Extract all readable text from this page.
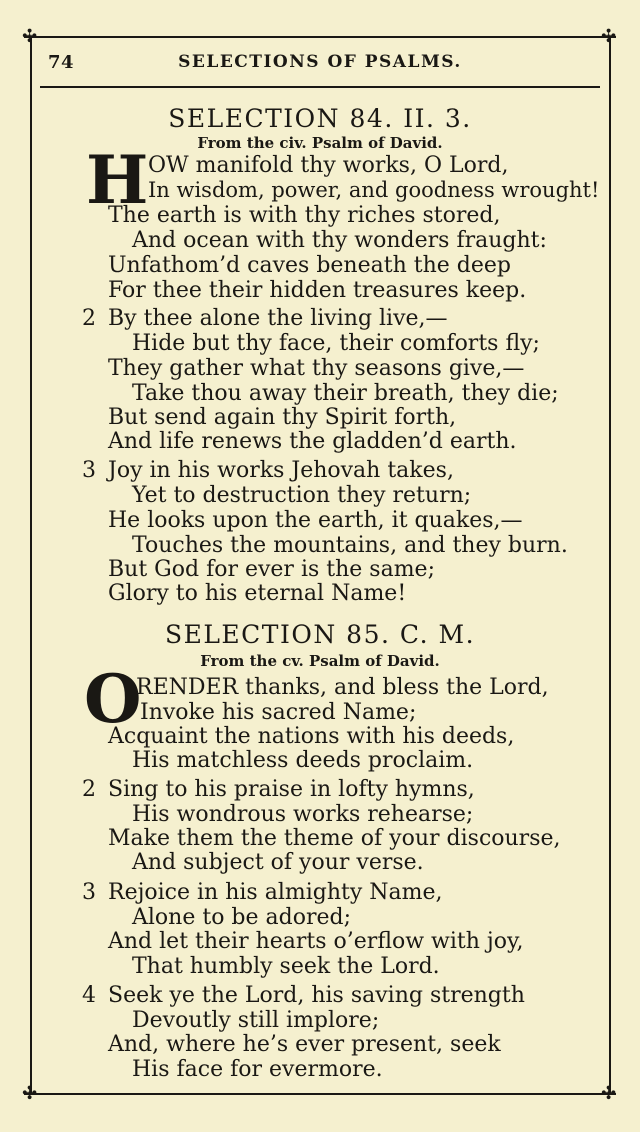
✣	✣
✣	✣
74	SELECTIONS OF PSALMS.
SELECTION 84. II. 3.
From the civ. Psalm of David.
H OW manifold thy works, O Lord,
In wisdom, power, and goodness wrought!
The earth is with thy riches stored,
And ocean with thy wonders fraught:
Unfathom’d caves beneath the deep
For thee their hidden treasures keep.
2 By thee alone the living live,—
Hide but thy face, their comforts fly;
They gather what thy seasons give,—
Take thou away their breath, they die;
But send again thy Spirit forth,
And life renews the gladden’d earth.
3 Joy in his works Jehovah takes,
Yet to destruction they return;
He looks upon the earth, it quakes,—
Touches the mountains, and they burn.
But God for ever is the same;
Glory to his eternal Name!
SELECTION 85. C. M.
From the cv. Psalm of David.
O
RENDER thanks, and bless the Lord,
Invoke his sacred Name;
Acquaint the nations with his deeds,
His matchless deeds proclaim.
2 Sing to his praise in lofty hymns,
His wondrous works rehearse;
Make them the theme of your discourse,
And subject of your verse.
3 Rejoice in his almighty Name,
Alone to be adored;
And let their hearts o’erflow with joy,
That humbly seek the Lord.
4 Seek ye the Lord, his saving strength
Devoutly still implore;
And, where he’s ever present, seek
His face for evermore.
